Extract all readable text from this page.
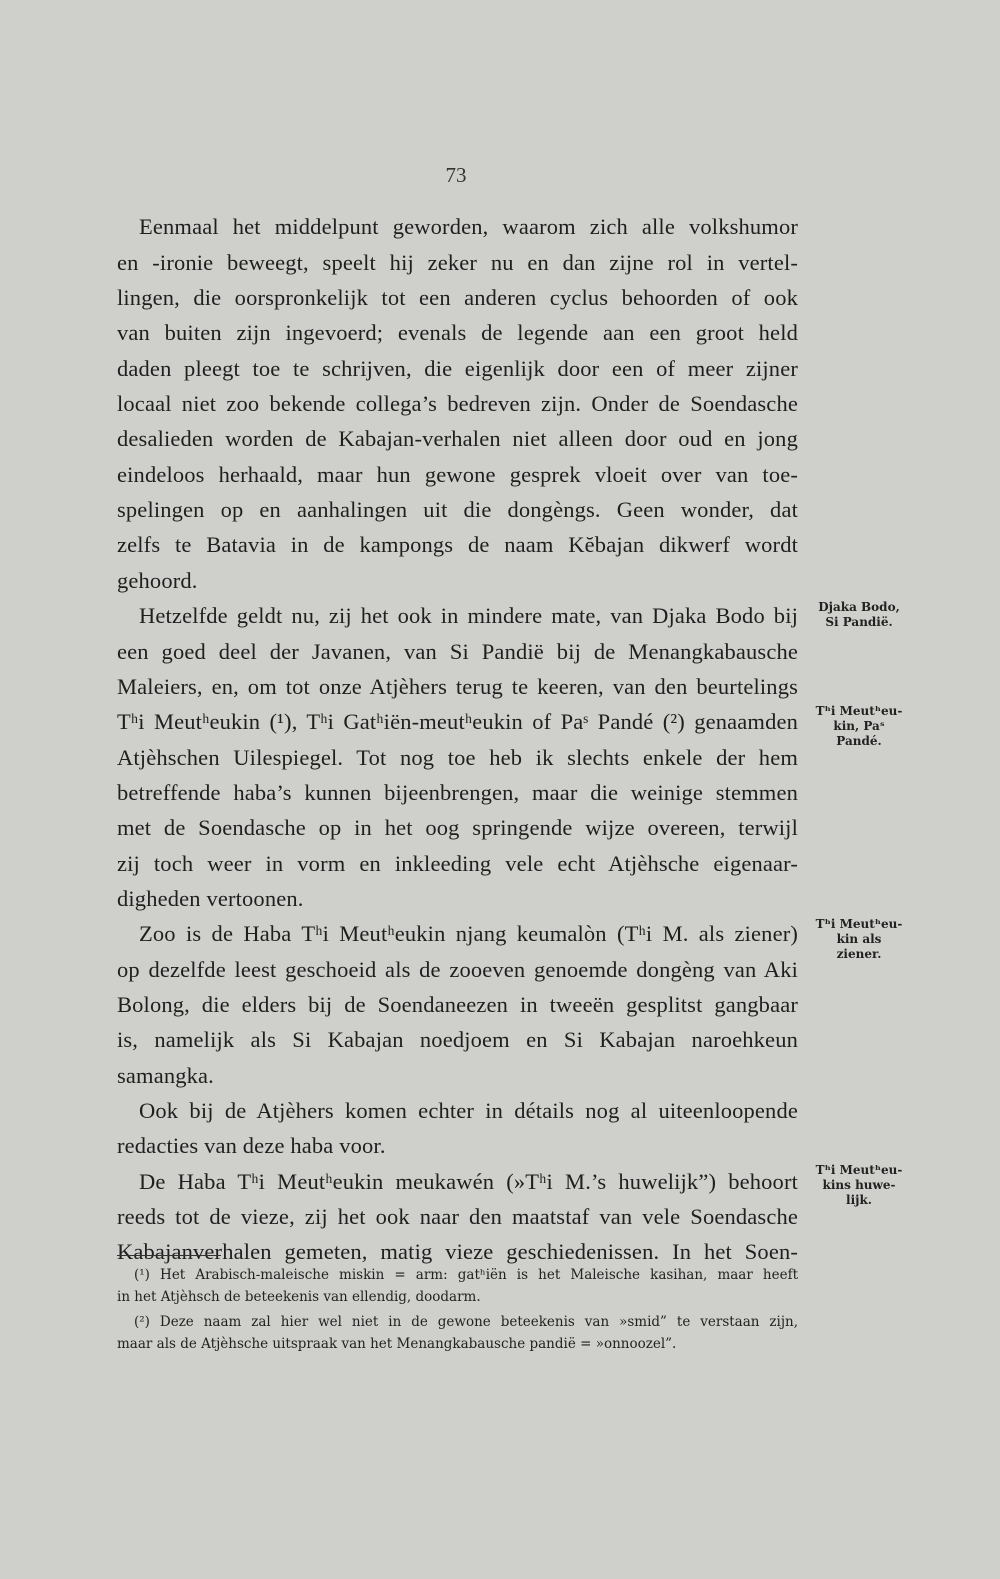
73
Eenmaal het middelpunt geworden, waarom zich alle volkshumor
en -ironie beweegt, speelt hij zeker nu en dan zijne rol in vertel-
lingen, die oorspronkelijk tot een anderen cyclus behoorden of ook
van buiten zijn ingevoerd; evenals de legende aan een groot held
daden pleegt toe te schrijven, die eigenlijk door een of meer zijner
locaal niet zoo bekende collega’s bedreven zijn. Onder de Soendasche
desalieden worden de Kabajan-verhalen niet alleen door oud en jong
eindeloos herhaald, maar hun gewone gesprek vloeit over van toe-
spelingen op en aanhalingen uit die dongèngs. Geen wonder, dat
zelfs te Batavia in de kampongs de naam Kĕbajan dikwerf wordt
gehoord.
Hetzelfde geldt nu, zij het ook in mindere mate, van Djaka Bodo bij
een goed deel der Javanen, van Si Pandië bij de Menangkabausche
Maleiers, en, om tot onze Atjèhers terug te keeren, van den beurtelings
Tʰi Meutʰeukin (¹), Tʰi Gatʰiën-meutʰeukin of Paˢ Pandé (²) genaamden
Atjèhschen Uilespiegel. Tot nog toe heb ik slechts enkele der hem
betreffende haba’s kunnen bijeenbrengen, maar die weinige stemmen
met de Soendasche op in het oog springende wijze overeen, terwijl
zij toch weer in vorm en inkleeding vele echt Atjèhsche eigenaar-
digheden vertoonen.
Zoo is de Haba Tʰi Meutʰeukin njang keumalòn (Tʰi M. als ziener)
op dezelfde leest geschoeid als de zooeven genoemde dongèng van Aki
Bolong, die elders bij de Soendaneezen in tweeën gesplitst gangbaar
is, namelijk als Si Kabajan noedjoem en Si Kabajan naroehkeun
samangka.
Ook bij de Atjèhers komen echter in détails nog al uiteenloopende
redacties van deze haba voor.
De Haba Tʰi Meutʰeukin meukawén (»Tʰi M.’s huwelijk”) behoort
reeds tot de vieze, zij het ook naar den maatstaf van vele Soendasche
Kabajanverhalen gemeten, matig vieze geschiedenissen. In het Soen-
Djaka Bodo,
Si Pandië.
Tʰi Meutʰeu-
kin, Paˢ
Pandé.
Tʰi Meutʰeu-
kin als
ziener.
Tʰi Meutʰeu-
kins huwe-
lijk.
(¹) Het Arabisch-maleische miskin = arm: gatʰiën is het Maleische kasihan, maar heeft
in het Atjèhsch de beteekenis van ellendig, doodarm.
(²) Deze naam zal hier wel niet in de gewone beteekenis van »smid” te verstaan zijn,
maar als de Atjèhsche uitspraak van het Menangkabausche pandië = »onnoozel”.
